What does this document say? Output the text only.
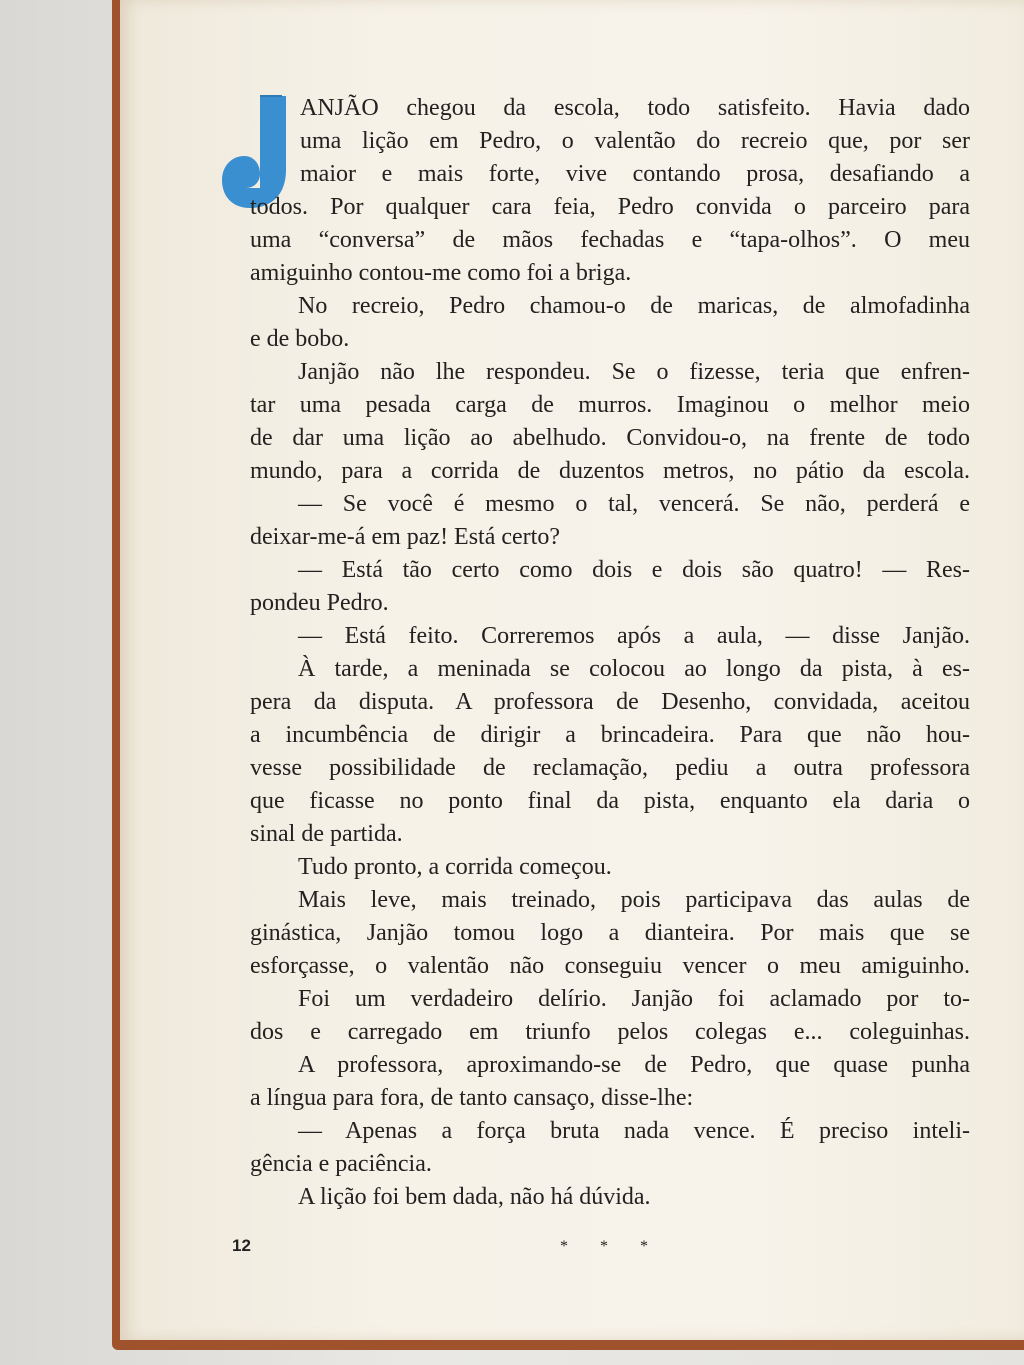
ANJÃO chegou da escola, todo satisfeito. Havia dado
uma lição em Pedro, o valentão do recreio que, por ser
maior e mais forte, vive contando prosa, desafiando a
todos. Por qualquer cara feia, Pedro convida o parceiro para
uma “conversa” de mãos fechadas e “tapa-olhos”. O meu
amiguinho contou-me como foi a briga.
No recreio, Pedro chamou-o de maricas, de almofadinha
e de bobo.
Janjão não lhe respondeu. Se o fizesse, teria que enfren-
tar uma pesada carga de murros. Imaginou o melhor meio
de dar uma lição ao abelhudo. Convidou-o, na frente de todo
mundo, para a corrida de duzentos metros, no pátio da escola.
— Se você é mesmo o tal, vencerá. Se não, perderá e
deixar-me-á em paz! Está certo?
— Está tão certo como dois e dois são quatro! — Res-
pondeu Pedro.
— Está feito. Correremos após a aula, — disse Janjão.
À tarde, a meninada se colocou ao longo da pista, à es-
pera da disputa. A professora de Desenho, convidada, aceitou
a incumbência de dirigir a brincadeira. Para que não hou-
vesse possibilidade de reclamação, pediu a outra professora
que ficasse no ponto final da pista, enquanto ela daria o
sinal de partida.
Tudo pronto, a corrida começou.
Mais leve, mais treinado, pois participava das aulas de
ginástica, Janjão tomou logo a dianteira. Por mais que se
esforçasse, o valentão não conseguiu vencer o meu amiguinho.
Foi um verdadeiro delírio. Janjão foi aclamado por to-
dos e carregado em triunfo pelos colegas e... coleguinhas.
A professora, aproximando-se de Pedro, que quase punha
a língua para fora, de tanto cansaço, disse-lhe:
— Apenas a força bruta nada vence. É preciso inteli-
gência e paciência.
A lição foi bem dada, não há dúvida.
12	* * *
